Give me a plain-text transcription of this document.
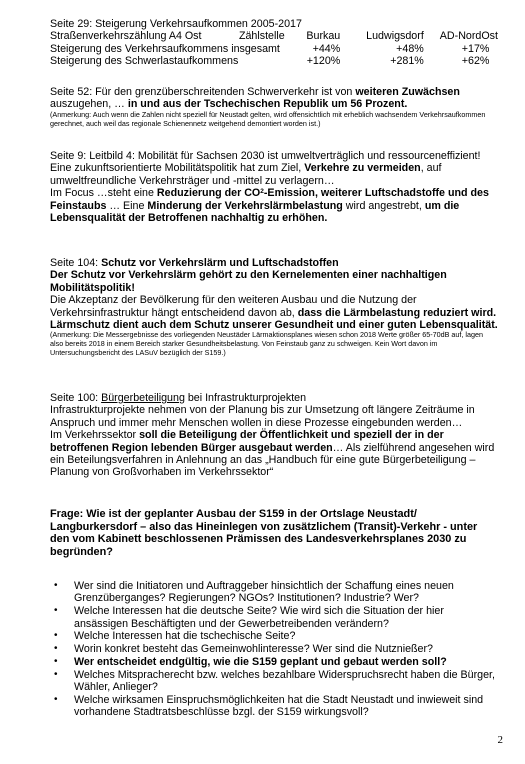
Seite 29: Steigerung Verkehrsaufkommen 2005-2017
Straßenverkehrszählung A4 Ost	Zählstelle	Burkau	Ludwigsdorf	AD-NordOst
Steigerung des Verkehrsaufkommens insgesamt		+44%	+48%	+17%
Steigerung des Schwerlastaufkommens		+120%	+281%	+62%
Seite 52: Für den grenzüberschreitenden Schwerverkehr ist von weiteren Zuwächsen auszugehen, … in und aus der Tschechischen Republik um 56 Prozent.
(Anmerkung: Auch wenn die Zahlen nicht speziell für Neustadt gelten, wird offensichtlich mit erheblich wachsendem Verkehrsaufkommen gerechnet, auch weil das regionale Schienennetz weitgehend demontiert worden ist.)
Seite 9: Leitbild 4: Mobilität für Sachsen 2030 ist umweltverträglich und ressourceneffizient!
Eine zukunftsorientierte Mobilitätspolitik hat zum Ziel, Verkehre zu vermeiden, auf umweltfreundliche Verkehrsträger und -mittel zu verlagern…
Im Focus …steht eine Reduzierung der $CO^2$-Emission, weiterer Luftschadstoffe und des Feinstaubs … Eine Minderung der Verkehrslärmbelastung wird angestrebt, um die Lebensqualität der Betroffenen nachhaltig zu erhöhen.
Seite 104: Schutz vor Verkehrslärm und Luftschadstoffen
Der Schutz vor Verkehrslärm gehört zu den Kernelementen einer nachhaltigen Mobilitätspolitik!
Die Akzeptanz der Bevölkerung für den weiteren Ausbau und die Nutzung der Verkehrsinfrastruktur hängt entscheidend davon ab, dass die Lärmbelastung reduziert wird. Lärmschutz dient auch dem Schutz unserer Gesundheit und einer guten Lebensqualität.
(Anmerkung: Die Messergebnisse des vorliegenden Neustäder Lärmaktionsplanes wiesen schon 2018 Werte größer 65-70dB auf, lagen also bereits 2018 in einem Bereich starker Gesundheitsbelastung. Von Feinstaub ganz zu schweigen. Kein Wort davon im Untersuchungsbericht des LASuV bezüglich der S159.)
Seite 100: Bürgerbeteiligung bei Infrastrukturprojekten
Infrastrukturprojekte nehmen von der Planung bis zur Umsetzung oft längere Zeiträume in Anspruch und immer mehr Menschen wollen in diese Prozesse eingebunden werden…
Im Verkehrssektor soll die Beteiligung der Öffentlichkeit und speziell der in der betroffenen Region lebenden Bürger ausgebaut werden… Als zielführend angesehen wird ein Beteilungsverfahren in Anlehnung an das „Handbuch für eine gute Bürgerbeteiligung – Planung von Großvorhaben im Verkehrssektor“
Frage: Wie ist der geplanter Ausbau der S159 in der Ortslage Neustadt/ Langburkersdorf – also das Hineinlegen von zusätzlichem (Transit)-Verkehr - unter den vom Kabinett beschlossenen Prämissen des Landesverkehrsplanes 2030 zu begründen?
• Wer sind die Initiatoren und Auftraggeber hinsichtlich der Schaffung eines neuen Grenzüberganges? Regierungen? NGOs? Institutionen? Industrie? Wer?
• Welche Interessen hat die deutsche Seite? Wie wird sich die Situation der hier ansässigen Beschäftigten und der Gewerbetreibenden verändern?
• Welche Interessen hat die tschechische Seite?
• Worin konkret besteht das Gemeinwohlinteresse? Wer sind die Nutznießer?
• Wer entscheidet endgültig, wie die S159 geplant und gebaut werden soll?
• Welches Mitspracherecht bzw. welches bezahlbare Widerspruchsrecht haben die Bürger, Wähler, Anlieger?
• Welche wirksamen Einspruchsmöglichkeiten hat die Stadt Neustadt und inwieweit sind vorhandene Stadtratsbeschlüsse bzgl. der S159 wirkungsvoll?
2
